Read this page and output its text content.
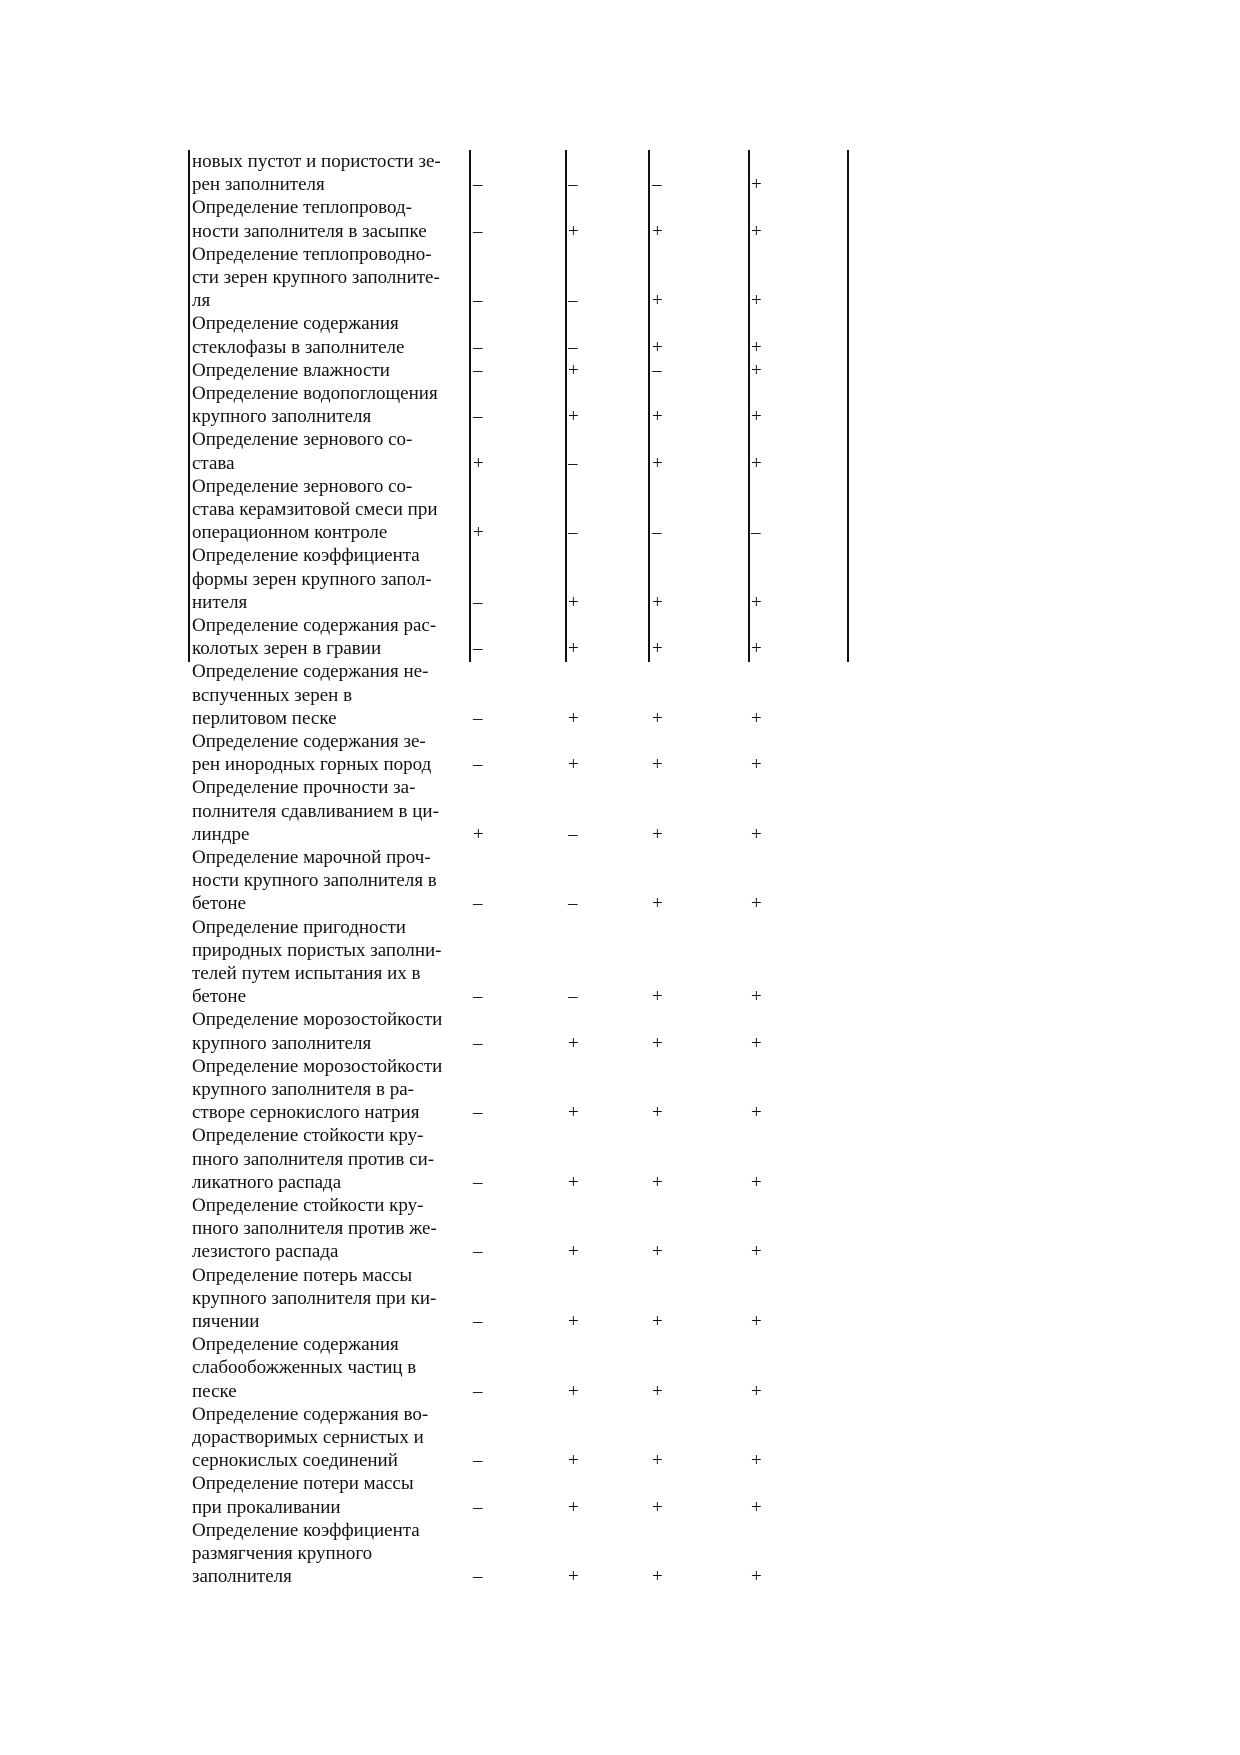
новых пустот и пористости зе-
рен заполнителя	–	–	–	+
Определение теплопровод-
ности заполнителя в засыпке	–	+	+	+
Определение теплопроводно-
сти зерен крупного заполните-
ля	–	–	+	+
Определение содержания
стеклофазы в заполнителе	–	–	+	+
Определение влажности	–	+	–	+
Определение водопоглощения
крупного заполнителя	–	+	+	+
Определение зернового со-
става	+	–	+	+
Определение зернового со-
става керамзитовой смеси при
операционном контроле	+	–	–	–
Определение коэффициента
формы зерен крупного запол-
нителя	–	+	+	+
Определение содержания рас-
колотых зерен в гравии	–	+	+	+
Определение содержания не-
вспученных зерен в
перлитовом песке	–	+	+	+
Определение содержания зе-
рен инородных горных пород	–	+	+	+
Определение прочности за-
полнителя сдавливанием в ци-
линдре	+	–	+	+
Определение марочной проч-
ности крупного заполнителя в
бетоне	–	–	+	+
Определение пригодности
природных пористых заполни-
телей путем испытания их в
бетоне	–	–	+	+
Определение морозостойкости
крупного заполнителя	–	+	+	+
Определение морозостойкости
крупного заполнителя в ра-
створе сернокислого натрия	–	+	+	+
Определение стойкости кру-
пного заполнителя против си-
ликатного распада	–	+	+	+
Определение стойкости кру-
пного заполнителя против же-
лезистого распада	–	+	+	+
Определение потерь массы
крупного заполнителя при ки-
пячении	–	+	+	+
Определение содержания
слабообожженных частиц в
песке	–	+	+	+
Определение содержания во-
дорастворимых сернистых и
сернокислых соединений	–	+	+	+
Определение потери массы
при прокаливании	–	+	+	+
Определение коэффициента
размягчения крупного
заполнителя	–	+	+	+
